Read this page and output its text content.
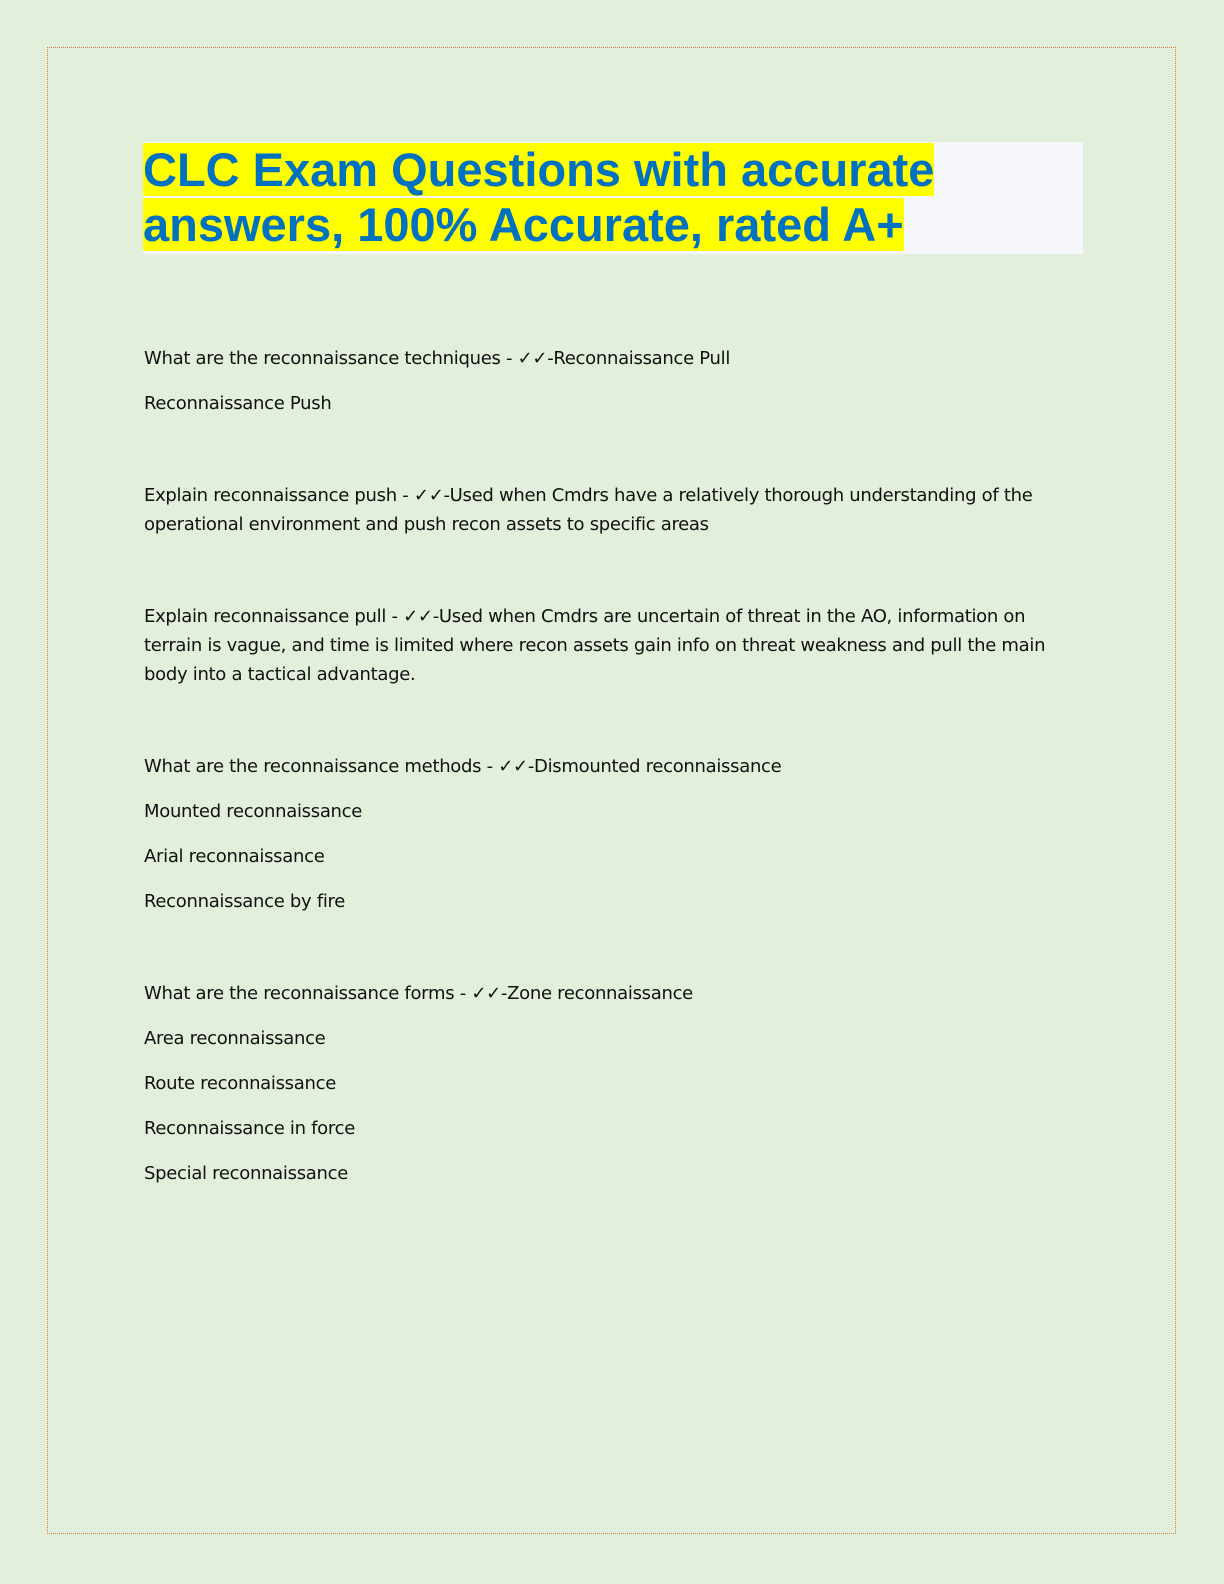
CLC Exam Questions with accurate answers, 100% Accurate, rated A+

What are the reconnaissance techniques - ✓✓-Reconnaissance Pull

Reconnaissance Push

Explain reconnaissance push - ✓✓-Used when Cmdrs have a relatively thorough understanding of the operational environment and push recon assets to specific areas

Explain reconnaissance pull - ✓✓-Used when Cmdrs are uncertain of threat in the AO, information on terrain is vague, and time is limited where recon assets gain info on threat weakness and pull the main body into a tactical advantage.

What are the reconnaissance methods - ✓✓-Dismounted reconnaissance

Mounted reconnaissance

Arial reconnaissance

Reconnaissance by fire

What are the reconnaissance forms - ✓✓-Zone reconnaissance

Area reconnaissance

Route reconnaissance

Reconnaissance in force

Special reconnaissance
